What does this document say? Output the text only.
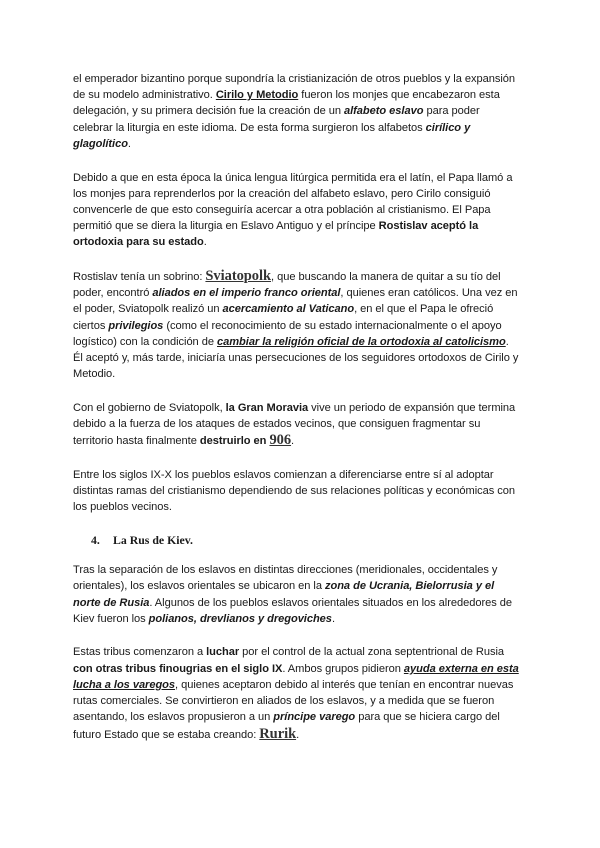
el emperador bizantino porque supondría la cristianización de otros pueblos y la expansión de su modelo administrativo. Cirilo y Metodio fueron los monjes que encabezaron esta delegación, y su primera decisión fue la creación de un alfabeto eslavo para poder celebrar la liturgia en este idioma. De esta forma surgieron los alfabetos cirílico y glagolítico.

Debido a que en esta época la única lengua litúrgica permitida era el latín, el Papa llamó a los monjes para reprenderlos por la creación del alfabeto eslavo, pero Cirilo consiguió convencerle de que esto conseguiría acercar a otra población al cristianismo. El Papa permitió que se diera la liturgia en Eslavo Antiguo y el príncipe Rostislav aceptó la ortodoxia para su estado.

Rostislav tenía un sobrino: Sviatopolk, que buscando la manera de quitar a su tío del poder, encontró aliados en el imperio franco oriental, quienes eran católicos. Una vez en el poder, Sviatopolk realizó un acercamiento al Vaticano, en el que el Papa le ofreció ciertos privilegios (como el reconocimiento de su estado internacionalmente o el apoyo logístico) con la condición de cambiar la religión oficial de la ortodoxia al catolicismo. Él aceptó y, más tarde, iniciaría unas persecuciones de los seguidores ortodoxos de Cirilo y Metodio.

Con el gobierno de Sviatopolk, la Gran Moravia vive un periodo de expansión que termina debido a la fuerza de los ataques de estados vecinos, que consiguen fragmentar su territorio hasta finalmente destruirlo en 906.

Entre los siglos IX-X los pueblos eslavos comienzan a diferenciarse entre sí al adoptar distintas ramas del cristianismo dependiendo de sus relaciones políticas y económicas con los pueblos vecinos.

4. La Rus de Kiev.

Tras la separación de los eslavos en distintas direcciones (meridionales, occidentales y orientales), los eslavos orientales se ubicaron en la zona de Ucrania, Bielorrusia y el norte de Rusia. Algunos de los pueblos eslavos orientales situados en los alrededores de Kiev fueron los polianos, drevlianos y dregoviches.

Estas tribus comenzaron a luchar por el control de la actual zona septentrional de Rusia con otras tribus finougrias en el siglo IX. Ambos grupos pidieron ayuda externa en esta lucha a los varegos, quienes aceptaron debido al interés que tenían en encontrar nuevas rutas comerciales. Se convirtieron en aliados de los eslavos, y a medida que se fueron asentando, los eslavos propusieron a un príncipe varego para que se hiciera cargo del futuro Estado que se estaba creando: Rurik.
